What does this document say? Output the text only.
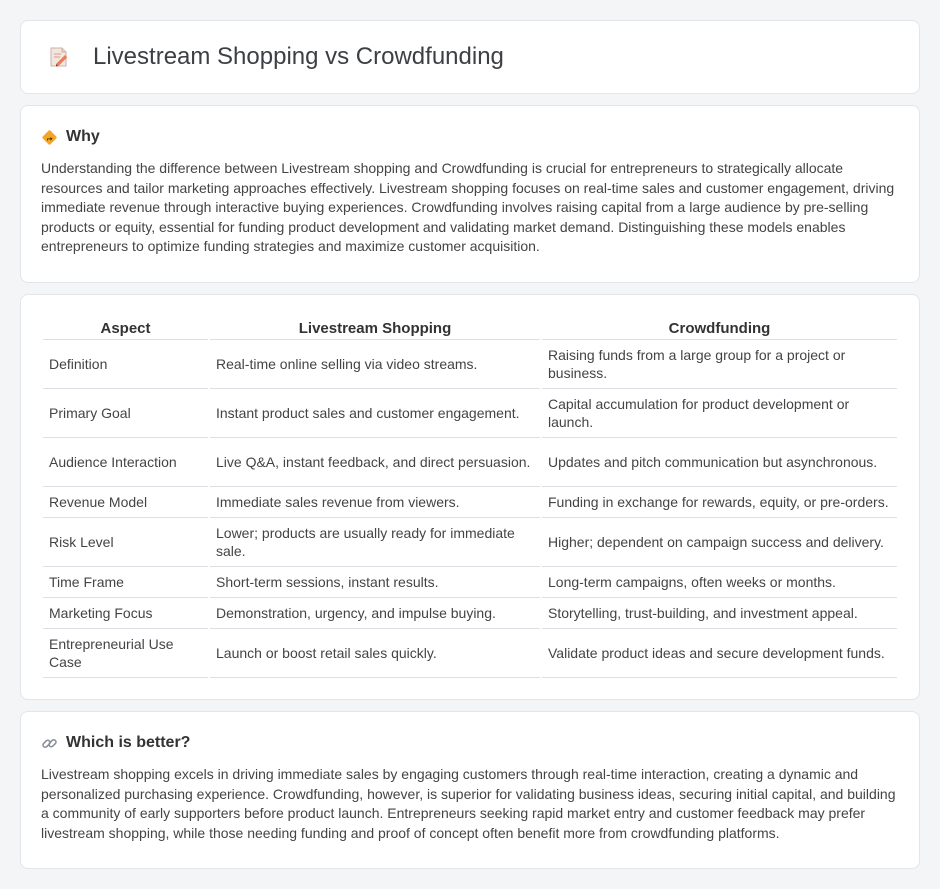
Livestream Shopping vs Crowdfunding
Why

Understanding the difference between Livestream shopping and Crowdfunding is crucial for entrepreneurs to strategically allocate resources and tailor marketing approaches effectively. Livestream shopping focuses on real-time sales and customer engagement, driving immediate revenue through interactive buying experiences. Crowdfunding involves raising capital from a large audience by pre-selling products or equity, essential for funding product development and validating market demand. Distinguishing these models enables entrepreneurs to optimize funding strategies and maximize customer acquisition.

Aspect	Livestream Shopping	Crowdfunding
Definition	Real-time online selling via video streams.	Raising funds from a large group for a project or business.
Primary Goal	Instant product sales and customer engagement.	Capital accumulation for product development or launch.
Audience Interaction	Live Q&A, instant feedback, and direct persuasion.	Updates and pitch communication but asynchronous.
Revenue Model	Immediate sales revenue from viewers.	Funding in exchange for rewards, equity, or pre-orders.
Risk Level	Lower; products are usually ready for immediate sale.	Higher; dependent on campaign success and delivery.
Time Frame	Short-term sessions, instant results.	Long-term campaigns, often weeks or months.
Marketing Focus	Demonstration, urgency, and impulse buying.	Storytelling, trust-building, and investment appeal.
Entrepreneurial Use Case	Launch or boost retail sales quickly.	Validate product ideas and secure development funds.
Which is better?

Livestream shopping excels in driving immediate sales by engaging customers through real-time interaction, creating a dynamic and personalized purchasing experience. Crowdfunding, however, is superior for validating business ideas, securing initial capital, and building a community of early supporters before product launch. Entrepreneurs seeking rapid market entry and customer feedback may prefer livestream shopping, while those needing funding and proof of concept often benefit more from crowdfunding platforms.
